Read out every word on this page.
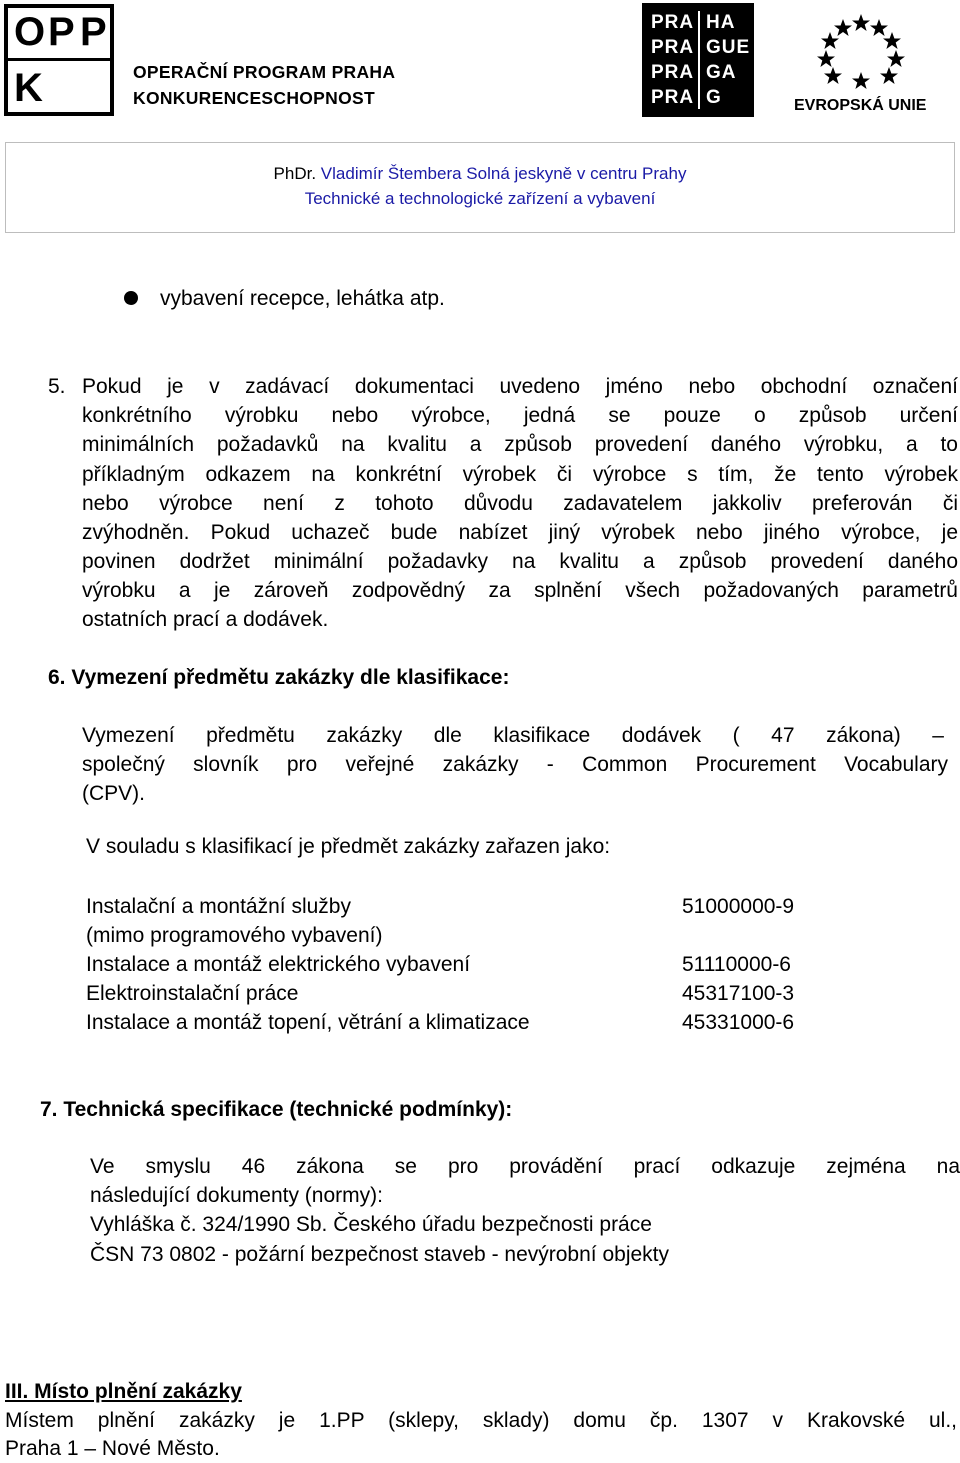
O P P
K	OPERAČNÍ PROGRAM PRAHA
KONKURENCESCHOPNOST
PRA HA
PRA GUE
PRA GA
PRA G	EVROPSKÁ UNIE
PhDr. Vladimír Štembera Solná jeskyně v centru Prahy
Technické a technologické zařízení a vybavení
vybavení recepce, lehátka atp.
5. Pokud je v zadávací dokumentaci uvedeno jméno nebo obchodní označení
konkrétního výrobku nebo výrobce, jedná se pouze o způsob určení
minimálních požadavků na kvalitu a způsob provedení daného výrobku, a to
příkladným odkazem na konkrétní výrobek či výrobce s tím, že tento výrobek
nebo výrobce není z tohoto důvodu zadavatelem jakkoliv preferován či
zvýhodněn. Pokud uchazeč bude nabízet jiný výrobek nebo jiného výrobce, je
povinen dodržet minimální požadavky na kvalitu a způsob provedení daného
výrobku a je zároveň zodpovědný za splnění všech požadovaných parametrů
ostatních prací a dodávek.
6. Vymezení předmětu zakázky dle klasifikace:
Vymezení předmětu zakázky dle klasifikace dodávek ( 47 zákona) –
společný slovník pro veřejné zakázky - Common Procurement Vocabulary
(CPV).
V souladu s klasifikací je předmět zakázky zařazen jako:
Instalační a montážní služby	51000000-9
(mimo programového vybavení)
Instalace a montáž elektrického vybavení	51110000-6
Elektroinstalační práce	45317100-3
Instalace a montáž topení, větrání a klimatizace	45331000-6
7. Technická specifikace (technické podmínky):
Ve smyslu 46 zákona se pro provádění prací odkazuje zejména na
následující dokumenty (normy):
Vyhláška č. 324/1990 Sb. Českého úřadu bezpečnosti práce
ČSN 73 0802 - požární bezpečnost staveb - nevýrobní objekty
III. Místo plnění zakázky
Místem plnění zakázky je 1.PP (sklepy, sklady) domu čp. 1307 v Krakovské ul.,
Praha 1 – Nové Město.
